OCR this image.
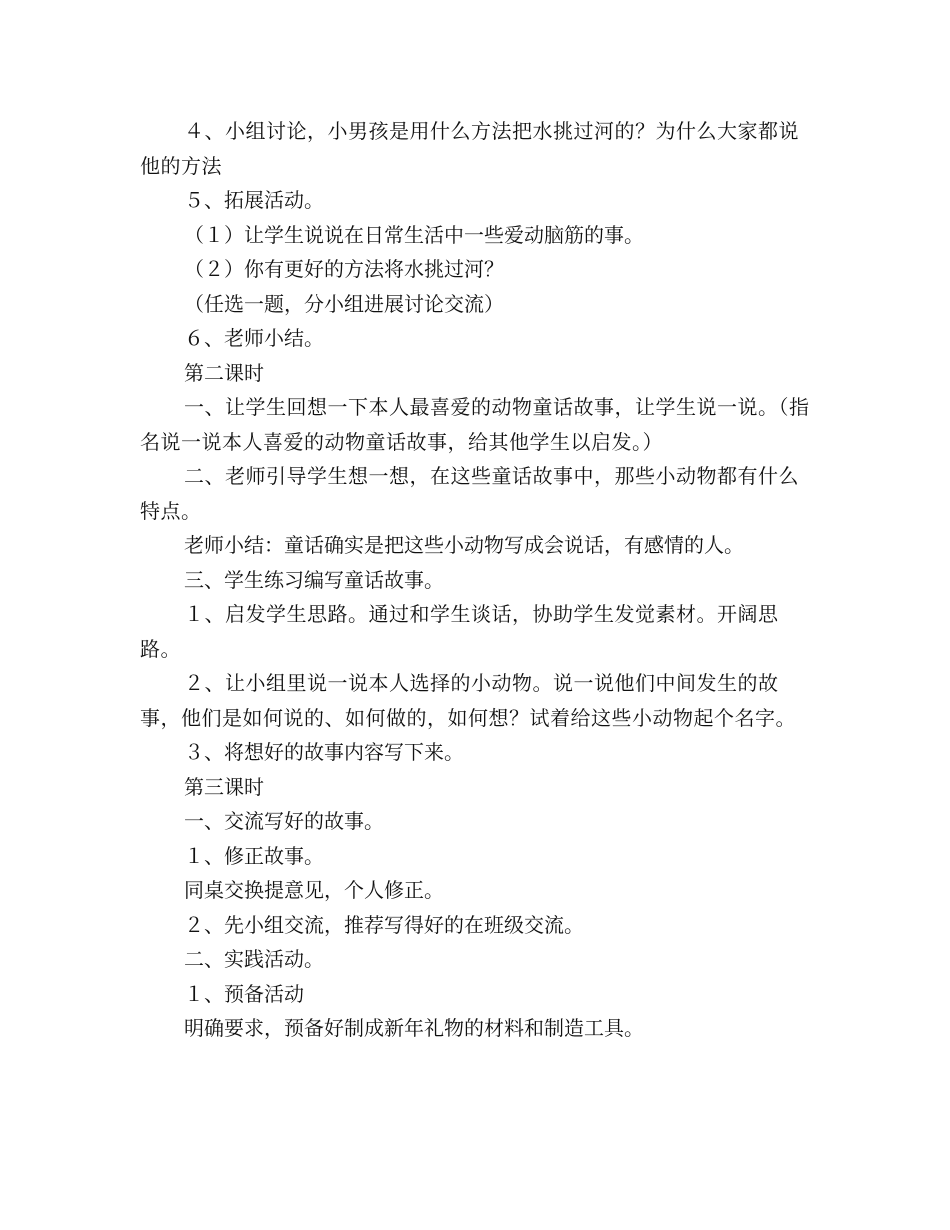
４、小组讨论，小男孩是用什么方法把水挑过河的？为什么大家都说他的方法

５、拓展活动。

（１）让学生说说在日常生活中一些爱动脑筋的事。

（２）你有更好的方法将水挑过河？

（任选一题，分小组进展讨论交流）

６、老师小结。

第二课时

一、让学生回想一下本人最喜爱的动物童话故事，让学生说一说。（指名说一说本人喜爱的动物童话故事，给其他学生以启发。）

二、老师引导学生想一想，在这些童话故事中，那些小动物都有什么特点。

老师小结：童话确实是把这些小动物写成会说话，有感情的人。

三、学生练习编写童话故事。

１、启发学生思路。通过和学生谈话，协助学生发觉素材。开阔思路。

２、让小组里说一说本人选择的小动物。说一说他们中间发生的故事，他们是如何说的、如何做的，如何想？试着给这些小动物起个名字。

３、将想好的故事内容写下来。

第三课时

一、交流写好的故事。

１、修正故事。

同桌交换提意见，个人修正。

２、先小组交流，推荐写得好的在班级交流。

二、实践活动。

１、预备活动

明确要求，预备好制成新年礼物的材料和制造工具。
